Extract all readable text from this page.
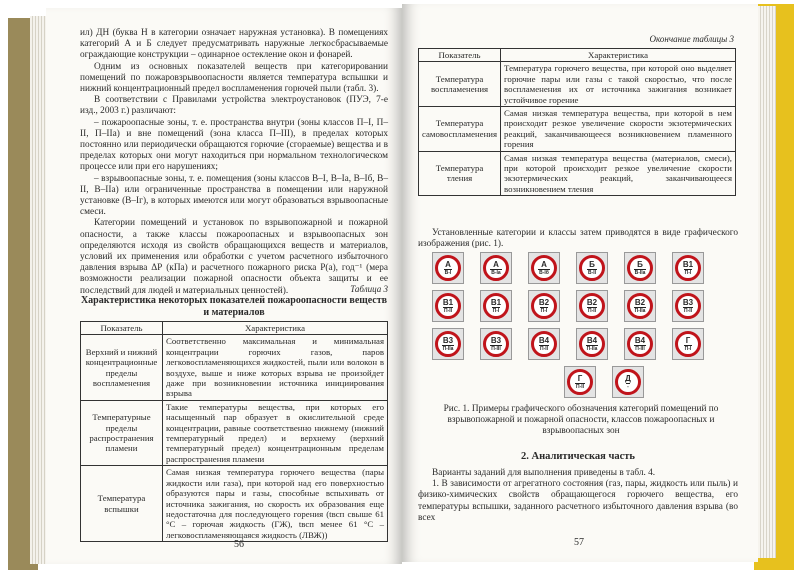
ил) ДН (буква Н в категории означает наружная установка). В помещениях категорий А и Б следует предусматривать наружные легкосбрасываемые ограждающие конструкции – одинарное остекление окон и фонарей.

Одним из основных показателей веществ при категорировании помещений по пожаровзрывоопасности является температура вспышки и нижний концентрационный предел воспламенения горючей пыли (табл. 3).

В соответствии с Правилами устройства электроустановок (ПУЭ, 7-е изд., 2003 г.) различают:

– пожароопасные зоны, т. е. пространства внутри (зоны классов П–I, П–II, П–IIa) и вне помещений (зона класса П–III), в пределах которых постоянно или периодически обращаются горючие (сгораемые) вещества и в пределах которых они могут находиться при нормальном технологическом процессе или при его нарушениях;

– взрывоопасные зоны, т. е. помещения (зоны классов В–I, В–Ia, В–Iб, В–II, В–IIa) или ограниченные пространства в помещении или наружной установке (В–Iг), в которых имеются или могут образоваться взрывоопасные смеси.

Категории помещений и установок по взрывопожарной и пожарной опасности, а также классы пожароопасных и взрывоопасных зон определяются исходя из свойств обращающихся веществ и материалов, условий их применения или обработки с учетом расчетного избыточного давления взрыва ΔР (кПа) и расчетного пожарного риска Р(а), год⁻¹ (мера возможности реализации пожарной опасности объекта защиты и ее последствий для людей и материальных ценностей).	Таблица 3
Характеристика некоторых показателей пожароопасности веществ и материалов
Показатель	Характеристика
Верхний и нижний концентрационные пределы воспламенения	Соответственно максимальная и минимальная концентрации горючих газов, паров легковоспламеняющихся жидкостей, пыли или волокон в воздухе, выше и ниже которых взрыва не произойдет даже при возникновении источника инициирования взрыва
Температурные пределы распространения пламени	Такие температуры вещества, при которых его насыщенный пар образует в окислительной среде концентрации, равные соответственно нижнему (нижний температурный предел) и верхнему (верхний температурный предел) концентрационным пределам распространения пламени
Температура вспышки	Самая низкая температура горючего вещества (пары жидкости или газа), при которой над его поверхностью образуются пары и газы, способные вспыхивать от источника зажигания, но скорость их образования еще недостаточна для последующего горения (tвсп свыше 61 °С – горючая жидкость (ГЖ), tвсп менее 61 °С – легковоспламеняющаяся жидкость (ЛВЖ))
56
Окончание таблицы 3
Показатель	Характеристика
Температура воспламенения	Температура горючего вещества, при которой оно выделяет горючие пары или газы с такой скоростью, что после воспламенения их от источника зажигания возникает устойчивое горение
Температура самовоспламенения	Самая низкая температура вещества, при которой в нем происходит резкое увеличение скорости экзотермических реакций, заканчивающееся возникновением пламенного горения
Температура тления	Самая низкая температура вещества (материалов, смеси), при которой происходит резкое увеличение скорости экзотермических реакций, заканчивающееся возникновением тления

Установленные категории и классы затем приводятся в виде графического изображения (рис. 1).

А
В-I
А
В-Ia
А
В-Iб
Б
В-II
Б
В-IIa
В1
П-I
В1
П-II
В1
П-I
В2
П-I
В2
П-II
В2
П-IIa
В3
П-II
В3
П-IIa
В3
П-III
В4
П-II
В4
П-IIa
В4
П-III
Г
П-I
Г
П-II
Д
-
Рис. 1. Примеры графического обозначения категорий помещений по взрывопожарной и пожарной опасности, классов пожароопасных и взрывоопасных зон
2. Аналитическая часть

Варианты заданий для выполнения приведены в табл. 4.

1. В зависимости от агрегатного состояния (газ, пары, жидкость или пыль) и физико-химических свойств обращающегося горючего вещества, его температуры вспышки, заданного расчетного избыточного давления взрыва (во всех

57
